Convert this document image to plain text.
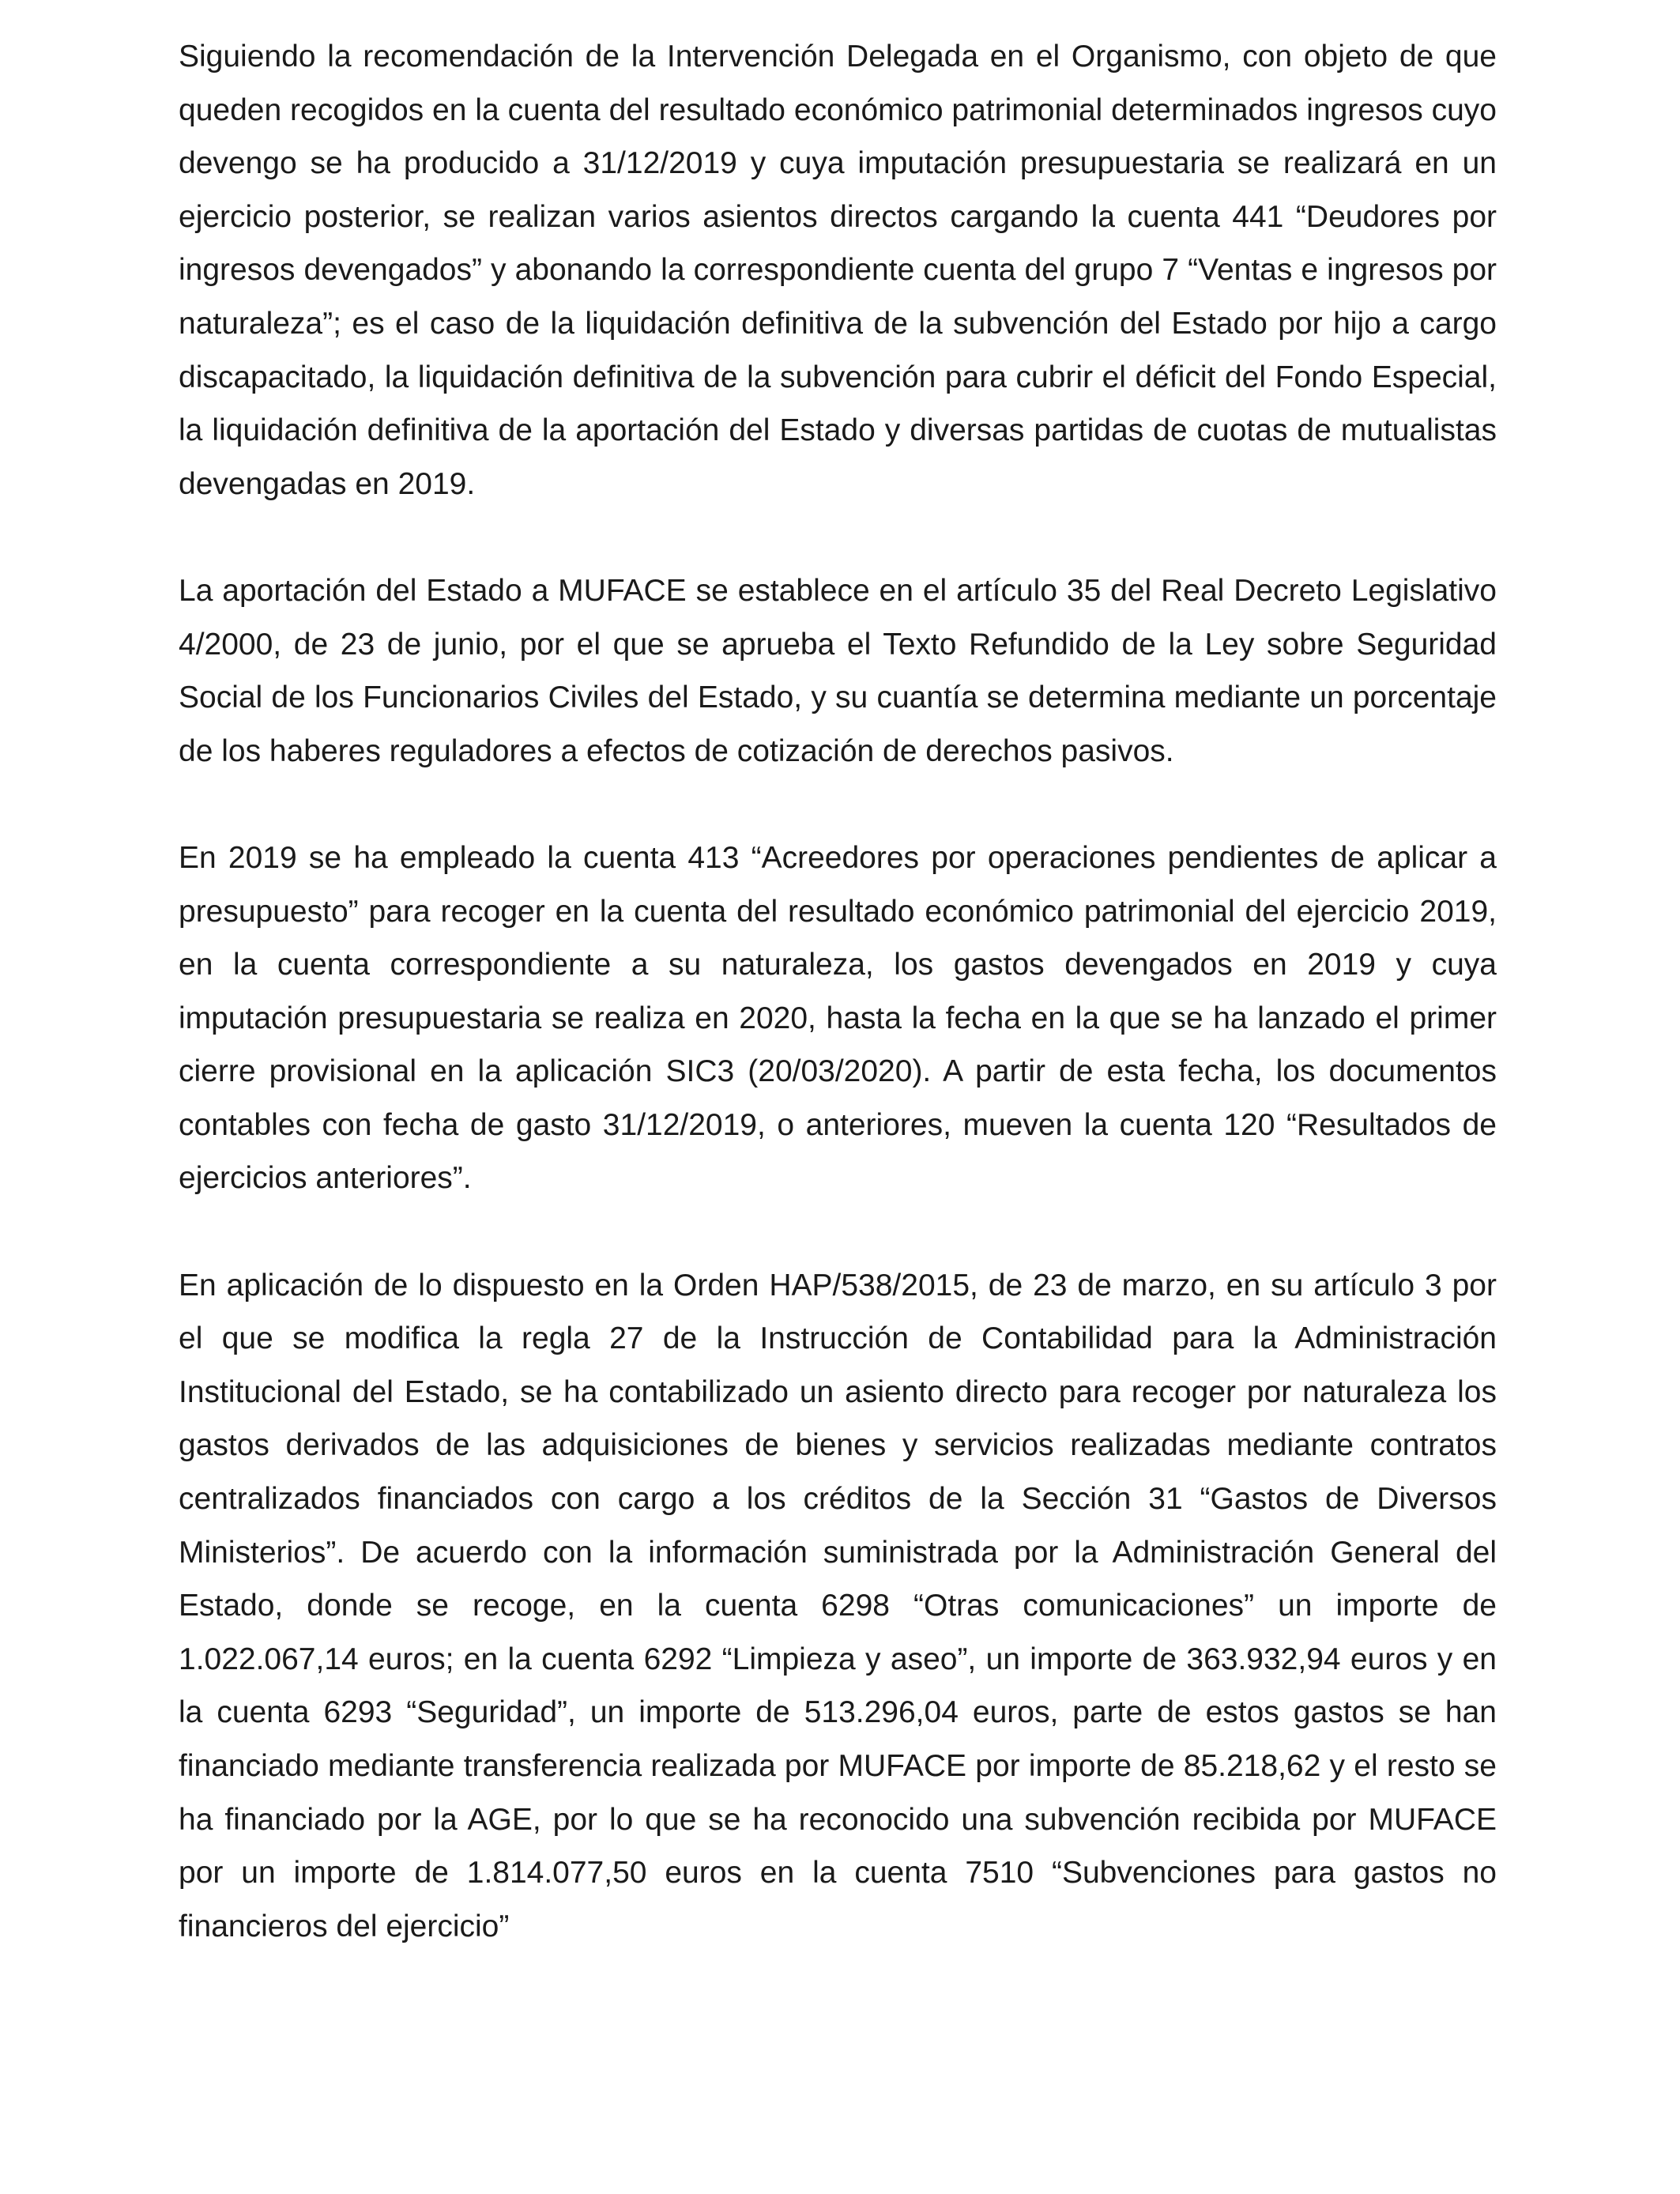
Siguiendo la recomendación de la Intervención Delegada en el Organismo, con objeto de que queden recogidos en la cuenta del resultado económico patrimonial determinados ingresos cuyo devengo se ha producido a 31/12/2019 y cuya imputación presupuestaria se realizará en un ejercicio posterior, se realizan varios asientos directos cargando la cuenta 441 “Deudores por ingresos devengados” y abonando la correspondiente cuenta del grupo 7 “Ventas e ingresos por naturaleza”; es el caso de la liquidación definitiva de la subvención del Estado por hijo a cargo discapacitado, la liquidación definitiva de la subvención para cubrir el déficit del Fondo Especial, la liquidación definitiva de la aportación del Estado y diversas partidas de cuotas de mutualistas devengadas en 2019.

La aportación del Estado a MUFACE se establece en el artículo 35 del Real Decreto Legislativo 4/2000, de 23 de junio, por el que se aprueba el Texto Refundido de la Ley sobre Seguridad Social de los Funcionarios Civiles del Estado, y su cuantía se determina mediante un porcentaje de los haberes reguladores a efectos de cotización de derechos pasivos.

En 2019 se ha empleado la cuenta 413 “Acreedores por operaciones pendientes de aplicar a presupuesto” para recoger en la cuenta del resultado económico patrimonial del ejercicio 2019, en la cuenta correspondiente a su naturaleza, los gastos devengados en 2019 y cuya imputación presupuestaria se realiza en 2020, hasta la fecha en la que se ha lanzado el primer cierre provisional en la aplicación SIC3 (20/03/2020). A partir de esta fecha, los documentos contables con fecha de gasto 31/12/2019, o anteriores, mueven la cuenta 120 “Resultados de ejercicios anteriores”.

En aplicación de lo dispuesto en la Orden HAP/538/2015, de 23 de marzo, en su artículo 3 por el que se modifica la regla 27 de la Instrucción de Contabilidad para la Administración Institucional del Estado, se ha contabilizado un asiento directo para recoger por naturaleza los gastos derivados de las adquisiciones de bienes y servicios realizadas mediante contratos centralizados financiados con cargo a los créditos de la Sección 31 “Gastos de Diversos Ministerios”. De acuerdo con la información suministrada por la Administración General del Estado, donde se recoge, en la cuenta 6298 “Otras comunicaciones” un importe de 1.022.067,14 euros; en la cuenta 6292 “Limpieza y aseo”, un importe de 363.932,94 euros y en la cuenta 6293 “Seguridad”, un importe de 513.296,04 euros, parte de estos gastos se han financiado mediante transferencia realizada por MUFACE por importe de 85.218,62 y el resto se ha financiado por la AGE, por lo que se ha reconocido una subvención recibida por MUFACE por un importe de 1.814.077,50 euros en la cuenta 7510 “Subvenciones para gastos no financieros del ejercicio”
